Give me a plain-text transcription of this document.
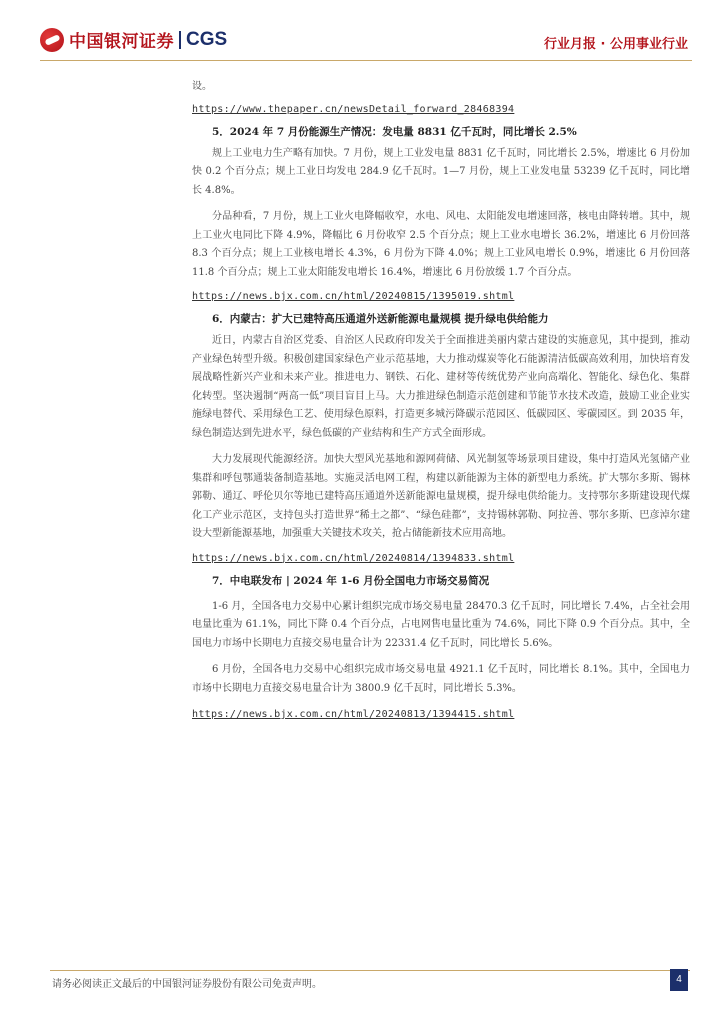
中国银河证券 CGS	行业月报 · 公用事业行业

设。

https://www.thepaper.cn/newsDetail_forward_28468394
5．2024 年 7 月份能源生产情况：发电量 8831 亿千瓦时，同比增长 2.5%

规上工业电力生产略有加快。7 月份，规上工业发电量 8831 亿千瓦时，同比增长 2.5%，增速比 6 月份加快 0.2 个百分点；规上工业日均发电 284.9 亿千瓦时。1—7 月份，规上工业发电量 53239 亿千瓦时，同比增长 4.8%。

分品种看，7 月份，规上工业火电降幅收窄，水电、风电、太阳能发电增速回落，核电由降转增。其中，规上工业火电同比下降 4.9%，降幅比 6 月份收窄 2.5 个百分点；规上工业水电增长 36.2%，增速比 6 月份回落 8.3 个百分点；规上工业核电增长 4.3%，6 月份为下降 4.0%；规上工业风电增长 0.9%，增速比 6 月份回落 11.8 个百分点；规上工业太阳能发电增长 16.4%，增速比 6 月份放缓 1.7 个百分点。

https://news.bjx.com.cn/html/20240815/1395019.shtml
6．内蒙古：扩大已建特高压通道外送新能源电量规模 提升绿电供给能力

近日，内蒙古自治区党委、自治区人民政府印发关于全面推进美丽内蒙古建设的实施意见，其中提到，推动产业绿色转型升级。积极创建国家绿色产业示范基地，大力推动煤炭等化石能源清洁低碳高效利用，加快培育发展战略性新兴产业和未来产业。推进电力、钢铁、石化、建材等传统优势产业向高端化、智能化、绿色化、集群化转型。坚决遏制“两高一低”项目盲目上马。大力推进绿色制造示范创建和节能节水技术改造，鼓励工业企业实施绿电替代、采用绿色工艺、使用绿色原料，打造更多城污降碳示范园区、低碳园区、零碳园区。到 2035 年，绿色制造达到先进水平，绿色低碳的产业结构和生产方式全面形成。

大力发展现代能源经济。加快大型风光基地和源网荷储、风光制氢等场景项目建设，集中打造风光氢储产业集群和呼包鄂通装备制造基地。实施灵活电网工程，构建以新能源为主体的新型电力系统。扩大鄂尔多斯、锡林郭勒、通辽、呼伦贝尔等地已建特高压通道外送新能源电量规模，提升绿电供给能力。支持鄂尔多斯建设现代煤化工产业示范区，支持包头打造世界“稀土之都”、“绿色硅都”，支持锡林郭勒、阿拉善、鄂尔多斯、巴彦淖尔建设大型新能源基地，加强重大关键技术攻关，抢占储能新技术应用高地。

https://news.bjx.com.cn/html/20240814/1394833.shtml
7．中电联发布 | 2024 年 1-6 月份全国电力市场交易简况

1-6 月，全国各电力交易中心累计组织完成市场交易电量 28470.3 亿千瓦时，同比增长 7.4%，占全社会用电量比重为 61.1%，同比下降 0.4 个百分点，占电网售电量比重为 74.6%，同比下降 0.9 个百分点。其中，全国电力市场中长期电力直接交易电量合计为 22331.4 亿千瓦时，同比增长 5.6%。

6 月份，全国各电力交易中心组织完成市场交易电量 4921.1 亿千瓦时，同比增长 8.1%。其中，全国电力市场中长期电力直接交易电量合计为 3800.9 亿千瓦时，同比增长 5.3%。

https://news.bjx.com.cn/html/20240813/1394415.shtml
请务必阅读正文最后的中国银河证券股份有限公司免责声明。	4
